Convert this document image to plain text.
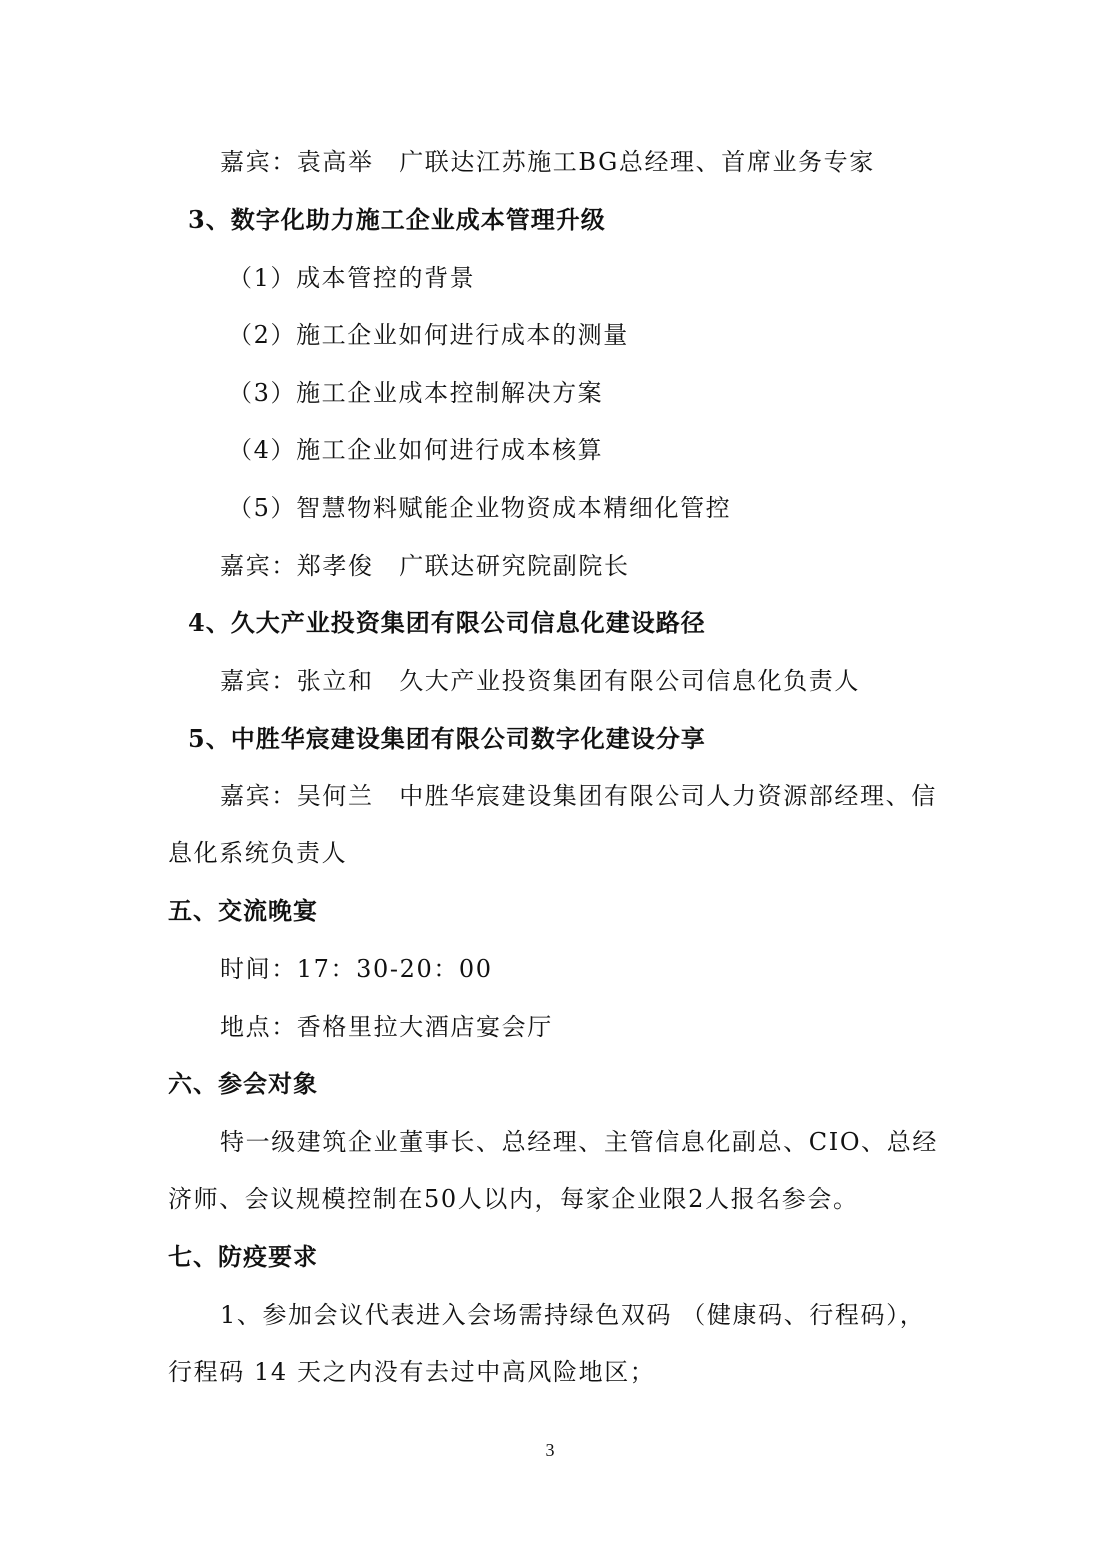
嘉宾：袁高举　广联达江苏施工BG总经理、首席业务专家
3、数字化助力施工企业成本管理升级
（1）成本管控的背景
（2）施工企业如何进行成本的测量
（3）施工企业成本控制解决方案
（4）施工企业如何进行成本核算
（5）智慧物料赋能企业物资成本精细化管控
嘉宾：郑孝俊　广联达研究院副院长
4、久大产业投资集团有限公司信息化建设路径
嘉宾：张立和　久大产业投资集团有限公司信息化负责人
5、中胜华宸建设集团有限公司数字化建设分享
嘉宾：吴何兰　中胜华宸建设集团有限公司人力资源部经理、信
息化系统负责人
五、交流晚宴
时间：17：30-20：00
地点：香格里拉大酒店宴会厅
六、参会对象
特一级建筑企业董事长、总经理、主管信息化副总、CIO、总经
济师、会议规模控制在50人以内，每家企业限2人报名参会。
七、防疫要求
1、参加会议代表进入会场需持绿色双码 （健康码、行程码），
行程码 14 天之内没有去过中高风险地区；
3
